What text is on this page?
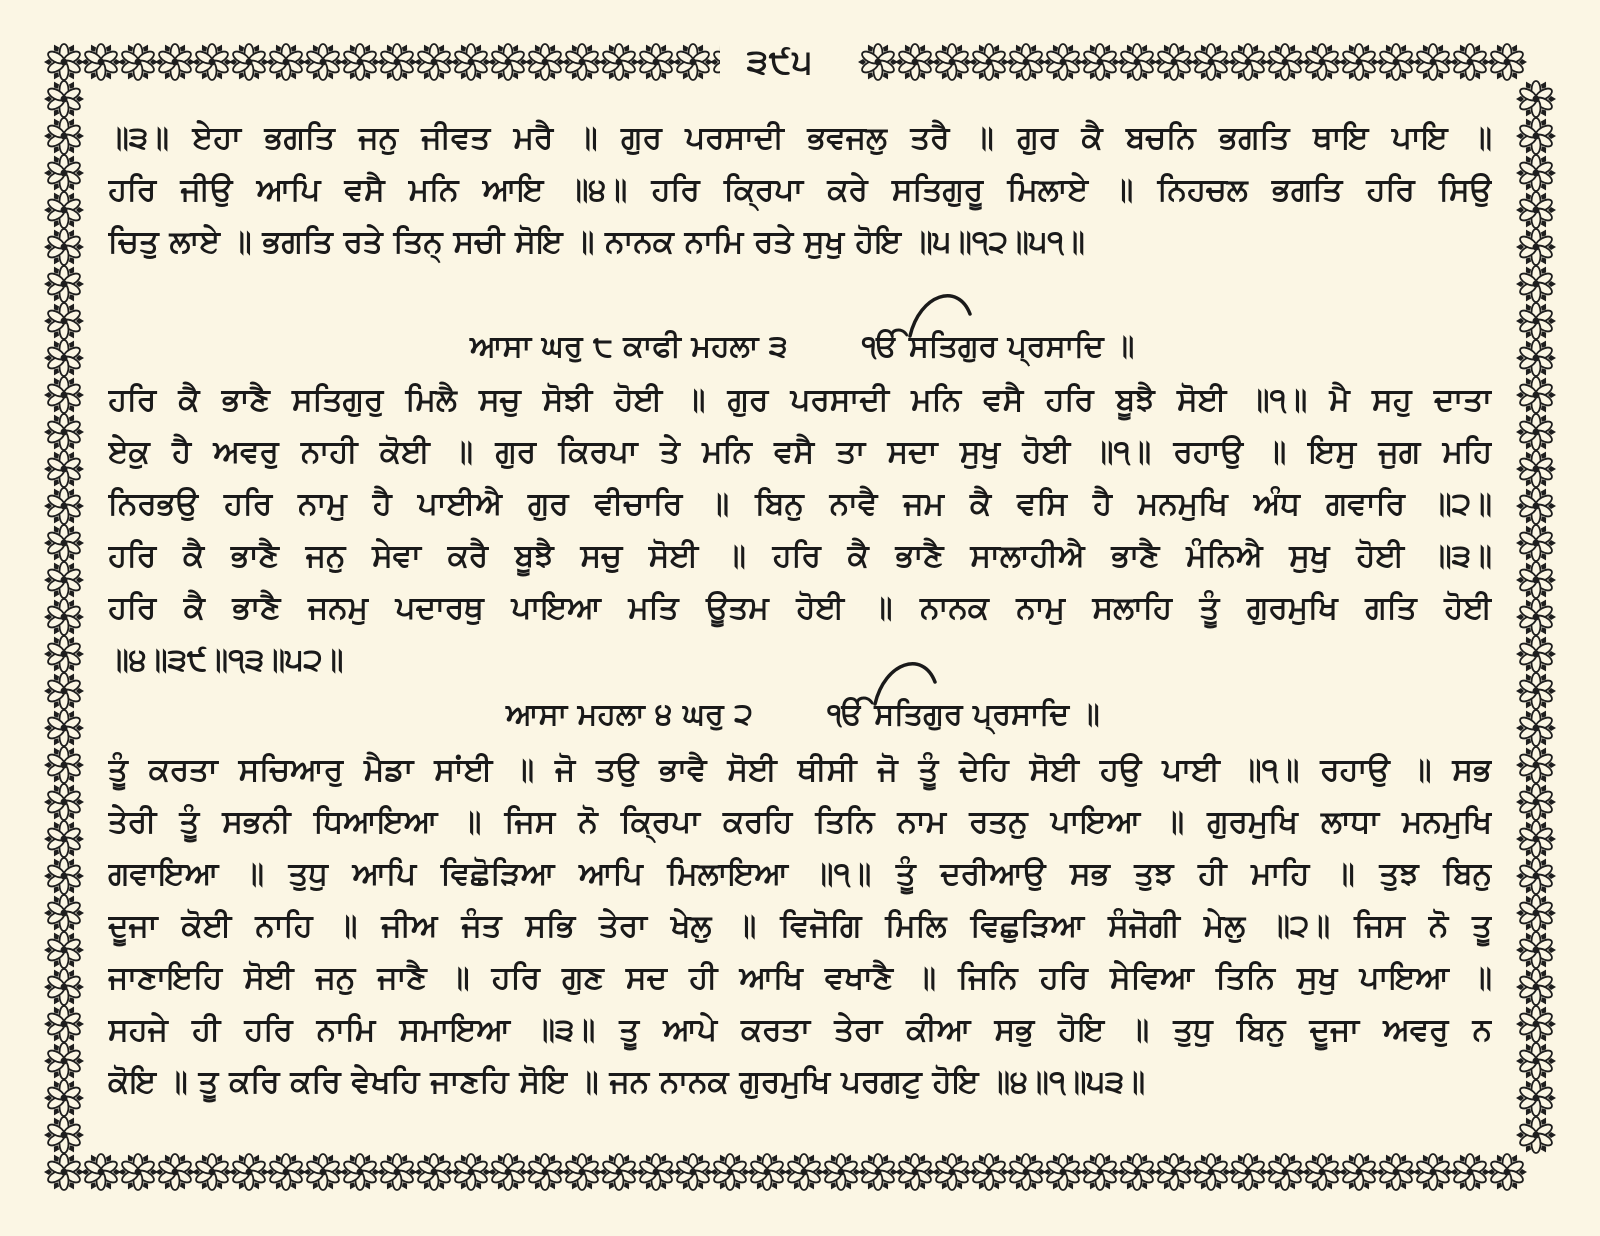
੩੯੫
॥੩॥ ਏਹਾ ਭਗਤਿ ਜਨੁ ਜੀਵਤ ਮਰੈ ॥ ਗੁਰ ਪਰਸਾਦੀ ਭਵਜਲੁ ਤਰੈ ॥ ਗੁਰ ਕੈ ਬਚਨਿ ਭਗਤਿ ਥਾਇ ਪਾਇ ॥
ਹਰਿ ਜੀਉ ਆਪਿ ਵਸੈ ਮਨਿ ਆਇ ॥੪॥ ਹਰਿ ਕ੍ਰਿਪਾ ਕਰੇ ਸਤਿਗੁਰੂ ਮਿਲਾਏ ॥ ਨਿਹਚਲ ਭਗਤਿ ਹਰਿ ਸਿਉ
ਚਿਤੁ ਲਾਏ ॥ ਭਗਤਿ ਰਤੇ ਤਿਨ੍ ਸਚੀ ਸੋਇ ॥ ਨਾਨਕ ਨਾਮਿ ਰਤੇ ਸੁਖੁ ਹੋਇ ॥੫॥੧੨॥੫੧॥
ਆਸਾ ਘਰੁ ੮ ਕਾਫੀ ਮਹਲਾ ੩ ੴ ਸਤਿਗੁਰ ਪ੍ਰਸਾਦਿ ॥
ਹਰਿ ਕੈ ਭਾਣੈ ਸਤਿਗੁਰੁ ਮਿਲੈ ਸਚੁ ਸੋਝੀ ਹੋਈ ॥ ਗੁਰ ਪਰਸਾਦੀ ਮਨਿ ਵਸੈ ਹਰਿ ਬੂਝੈ ਸੋਈ ॥੧॥ ਮੈ ਸਹੁ ਦਾਤਾ
ਏਕੁ ਹੈ ਅਵਰੁ ਨਾਹੀ ਕੋਈ ॥ ਗੁਰ ਕਿਰਪਾ ਤੇ ਮਨਿ ਵਸੈ ਤਾ ਸਦਾ ਸੁਖੁ ਹੋਈ ॥੧॥ ਰਹਾਉ ॥ ਇਸੁ ਜੁਗ ਮਹਿ
ਨਿਰਭਉ ਹਰਿ ਨਾਮੁ ਹੈ ਪਾਈਐ ਗੁਰ ਵੀਚਾਰਿ ॥ ਬਿਨੁ ਨਾਵੈ ਜਮ ਕੈ ਵਸਿ ਹੈ ਮਨਮੁਖਿ ਅੰਧ ਗਵਾਰਿ ॥੨॥
ਹਰਿ ਕੈ ਭਾਣੈ ਜਨੁ ਸੇਵਾ ਕਰੈ ਬੂਝੈ ਸਚੁ ਸੋਈ ॥ ਹਰਿ ਕੈ ਭਾਣੈ ਸਾਲਾਹੀਐ ਭਾਣੈ ਮੰਨਿਐ ਸੁਖੁ ਹੋਈ ॥੩॥
ਹਰਿ ਕੈ ਭਾਣੈ ਜਨਮੁ ਪਦਾਰਥੁ ਪਾਇਆ ਮਤਿ ਊਤਮ ਹੋਈ ॥ ਨਾਨਕ ਨਾਮੁ ਸਲਾਹਿ ਤੂੰ ਗੁਰਮੁਖਿ ਗਤਿ ਹੋਈ
॥੪॥੩੯॥੧੩॥੫੨॥
ਆਸਾ ਮਹਲਾ ੪ ਘਰੁ ੨ ੴ ਸਤਿਗੁਰ ਪ੍ਰਸਾਦਿ ॥
ਤੂੰ ਕਰਤਾ ਸਚਿਆਰੁ ਮੈਡਾ ਸਾਂਈ ॥ ਜੋ ਤਉ ਭਾਵੈ ਸੋਈ ਥੀਸੀ ਜੋ ਤੂੰ ਦੇਹਿ ਸੋਈ ਹਉ ਪਾਈ ॥੧॥ ਰਹਾਉ ॥ ਸਭ
ਤੇਰੀ ਤੂੰ ਸਭਨੀ ਧਿਆਇਆ ॥ ਜਿਸ ਨੋ ਕ੍ਰਿਪਾ ਕਰਹਿ ਤਿਨਿ ਨਾਮ ਰਤਨੁ ਪਾਇਆ ॥ ਗੁਰਮੁਖਿ ਲਾਧਾ ਮਨਮੁਖਿ
ਗਵਾਇਆ ॥ ਤੁਧੁ ਆਪਿ ਵਿਛੋੜਿਆ ਆਪਿ ਮਿਲਾਇਆ ॥੧॥ ਤੂੰ ਦਰੀਆਉ ਸਭ ਤੁਝ ਹੀ ਮਾਹਿ ॥ ਤੁਝ ਬਿਨੁ
ਦੂਜਾ ਕੋਈ ਨਾਹਿ ॥ ਜੀਅ ਜੰਤ ਸਭਿ ਤੇਰਾ ਖੇਲੁ ॥ ਵਿਜੋਗਿ ਮਿਲਿ ਵਿਛੁੜਿਆ ਸੰਜੋਗੀ ਮੇਲੁ ॥੨॥ ਜਿਸ ਨੋ ਤੂ
ਜਾਣਾਇਹਿ ਸੋਈ ਜਨੁ ਜਾਣੈ ॥ ਹਰਿ ਗੁਣ ਸਦ ਹੀ ਆਖਿ ਵਖਾਣੈ ॥ ਜਿਨਿ ਹਰਿ ਸੇਵਿਆ ਤਿਨਿ ਸੁਖੁ ਪਾਇਆ ॥
ਸਹਜੇ ਹੀ ਹਰਿ ਨਾਮਿ ਸਮਾਇਆ ॥੩॥ ਤੂ ਆਪੇ ਕਰਤਾ ਤੇਰਾ ਕੀਆ ਸਭੁ ਹੋਇ ॥ ਤੁਧੁ ਬਿਨੁ ਦੂਜਾ ਅਵਰੁ ਨ
ਕੋਇ ॥ ਤੂ ਕਰਿ ਕਰਿ ਵੇਖਹਿ ਜਾਣਹਿ ਸੋਇ ॥ ਜਨ ਨਾਨਕ ਗੁਰਮੁਖਿ ਪਰਗਟੁ ਹੋਇ ॥੪॥੧॥੫੩॥
